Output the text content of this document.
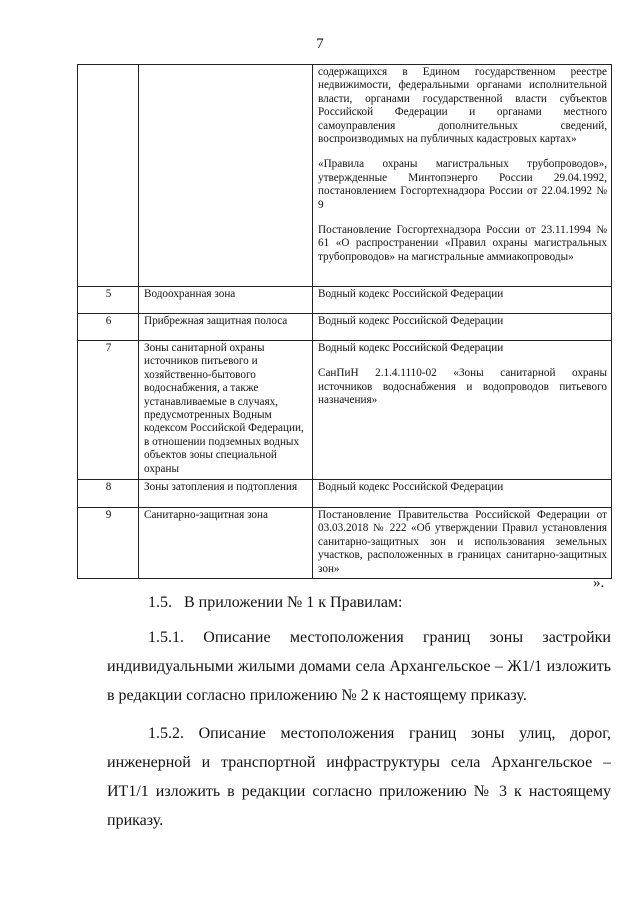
7

		содержащихся в Едином государственном реестре недвижимости, федеральными органами исполнительной власти, органами государственной власти субъектов Российской Федерации и органами местного самоуправления дополнительных сведений, воспроизводимых на публичных кадастровых картах»

«Правила охраны магистральных трубопроводов», утвержденные Минтопэнерго России 29.04.1992, постановлением Госгортехнадзора России от 22.04.1992 № 9

Постановление Госгортехнадзора России от 23.11.1994 № 61 «О распространении «Правил охраны магистральных трубопроводов» на магистральные аммиакопроводы»

5	Водоохранная зона	Водный кодекс Российской Федерации

6	Прибрежная защитная полоса	Водный кодекс Российской Федерации

7	Зоны санитарной охраны источников питьевого и хозяйственно-бытового водоснабжения, а также устанавливаемые в случаях, предусмотренных Водным кодексом Российской Федерации, в отношении подземных водных объектов зоны специальной охраны	Водный кодекс Российской Федерации

СанПиН 2.1.4.1110-02 «Зоны санитарной охраны источников водоснабжения и водопроводов питьевого назначения»

8	Зоны затопления и подтопления	Водный кодекс Российской Федерации

9	Санитарно-защитная зона	Постановление Правительства Российской Федерации от 03.03.2018 № 222 «Об утверждении Правил установления санитарно-защитных зон и использования земельных участков, расположенных в границах санитарно-защитных зон»

».
1.5. В приложении № 1 к Правилам:
1.5.1. Описание местоположения границ зоны застройки индивидуальными жилыми домами села Архангельское – Ж1/1 изложить в редакции согласно приложению № 2 к настоящему приказу.
1.5.2. Описание местоположения границ зоны улиц, дорог, инженерной и транспортной инфраструктуры села Архангельское – ИТ1/1 изложить в редакции согласно приложению № 3 к настоящему приказу.
